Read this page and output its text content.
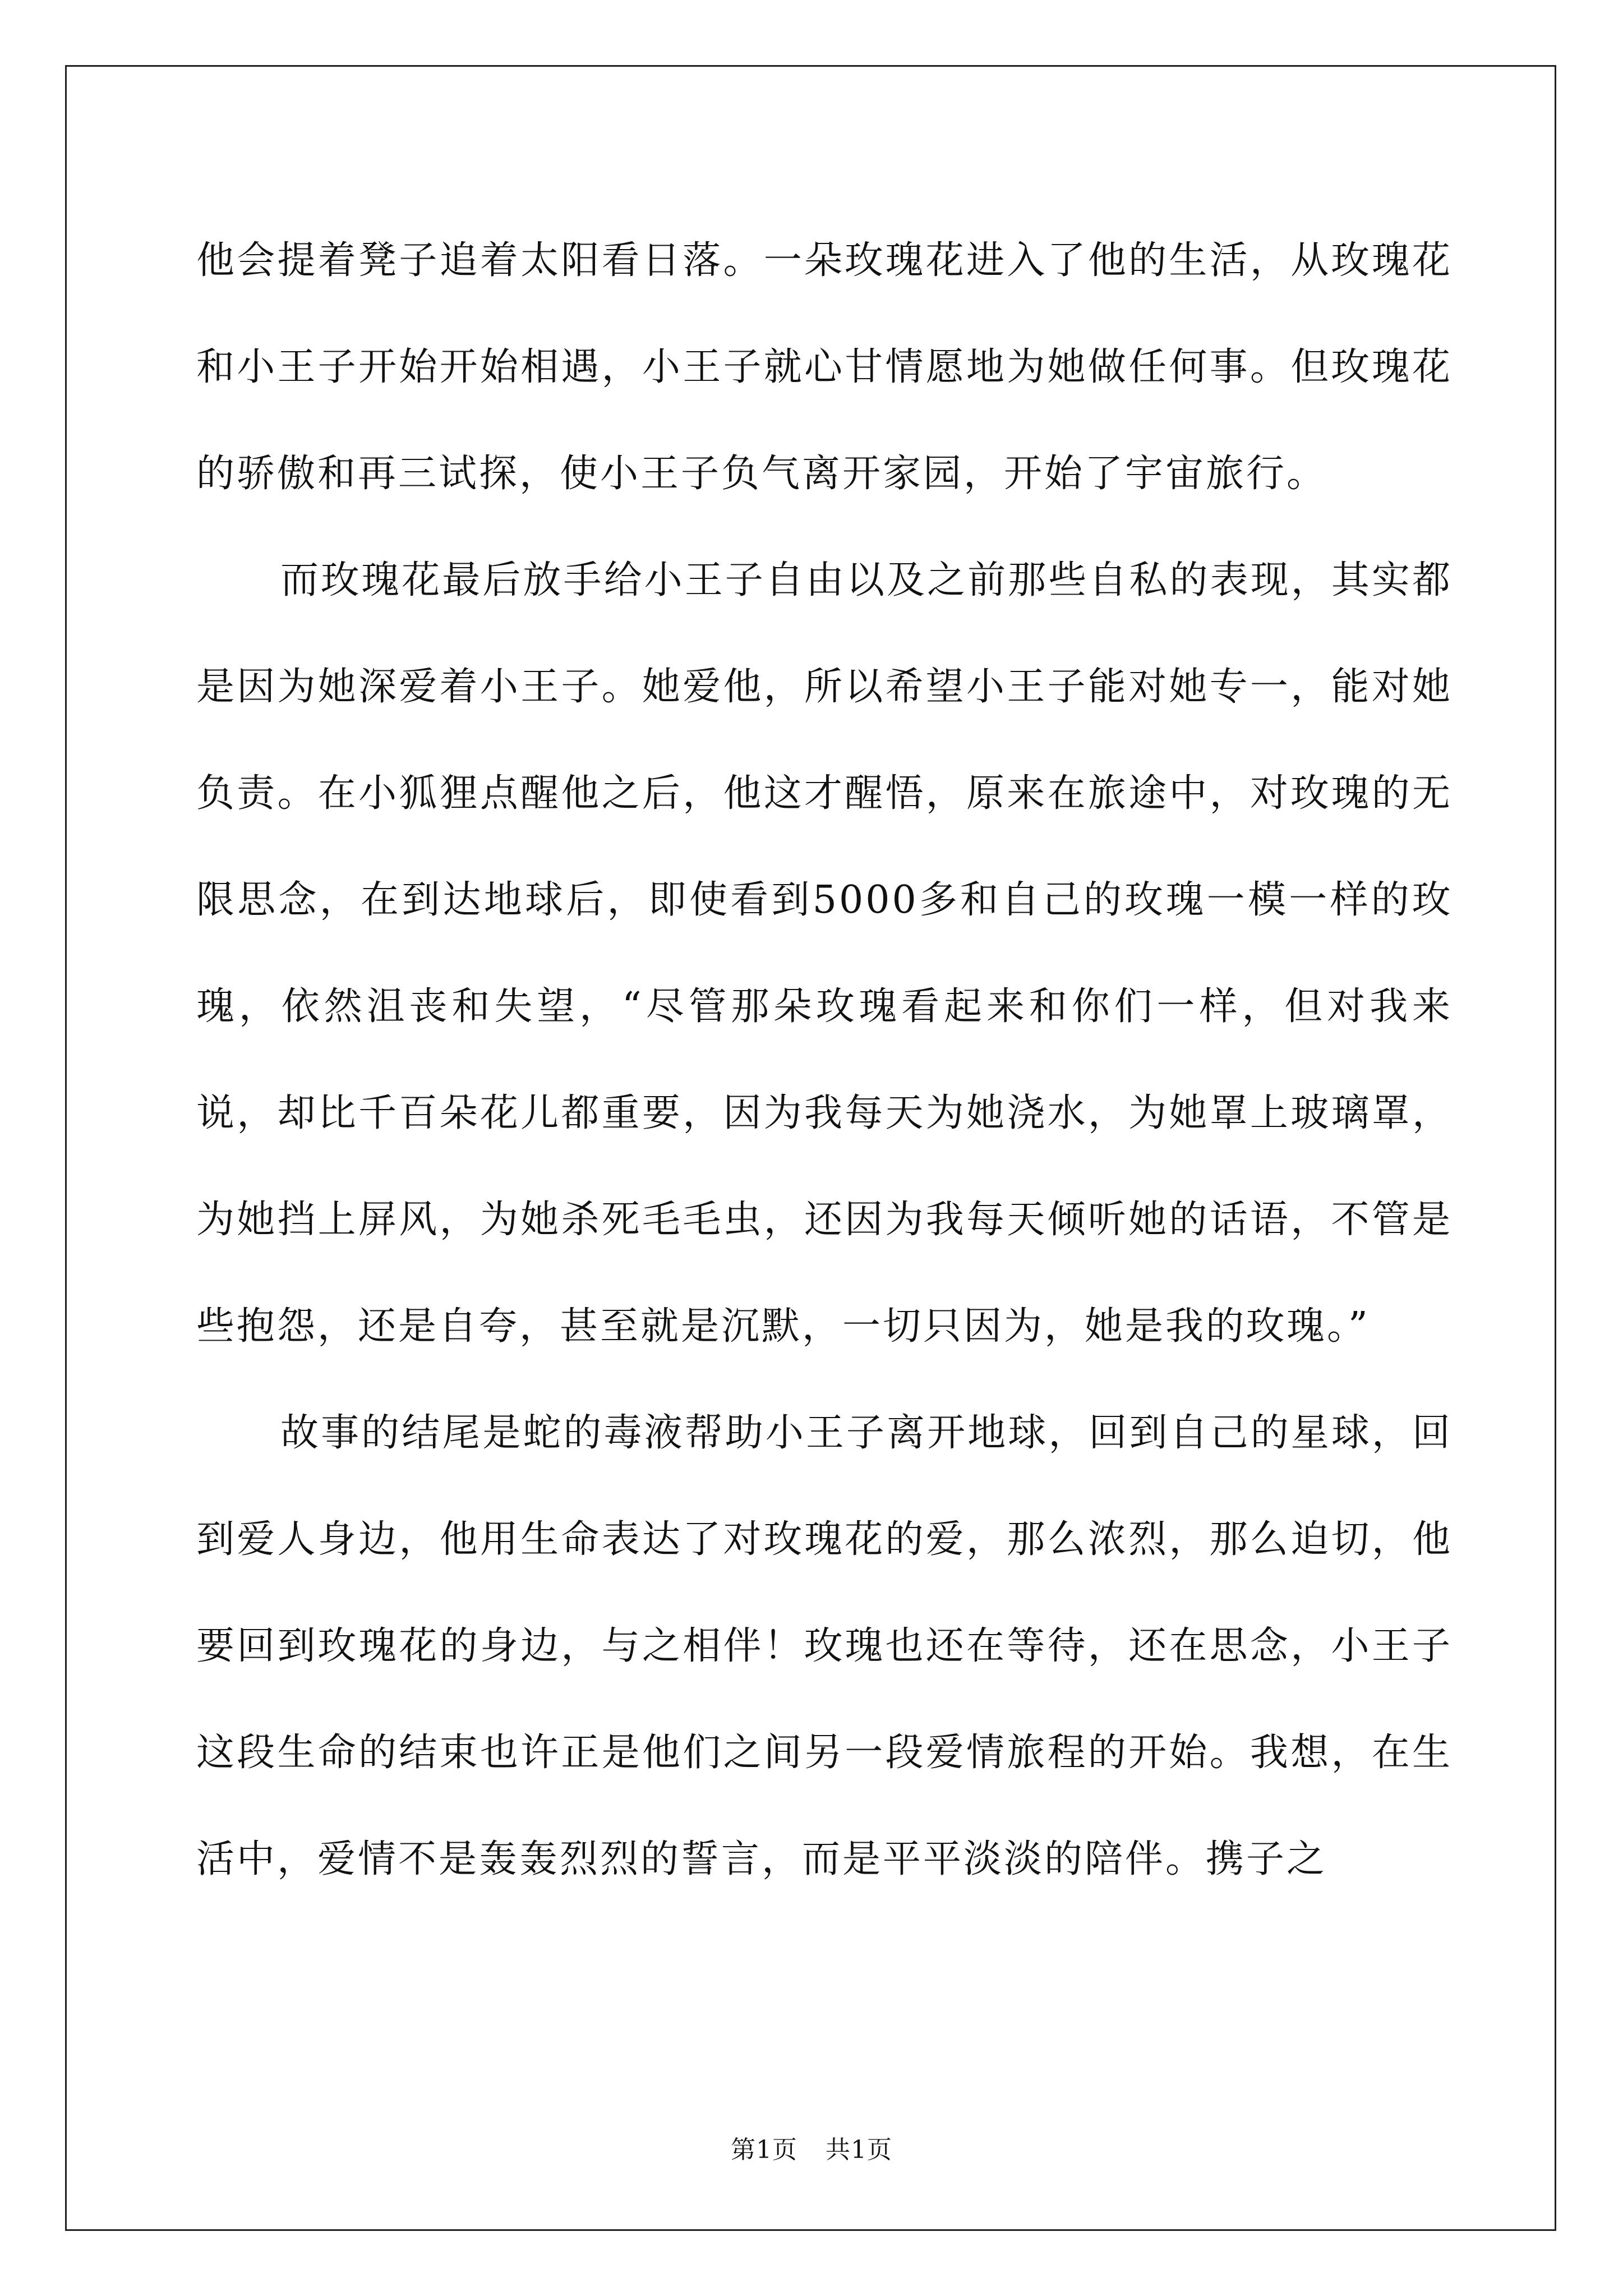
他会提着凳子追着太阳看日落。一朵玫瑰花进入了他的生活，从玫瑰花和小王子开始开始相遇，小王子就心甘情愿地为她做任何事。但玫瑰花的骄傲和再三试探，使小王子负气离开家园，开始了宇宙旅行。

而玫瑰花最后放手给小王子自由以及之前那些自私的表现，其实都是因为她深爱着小王子。她爱他，所以希望小王子能对她专一，能对她负责。在小狐狸点醒他之后，他这才醒悟，原来在旅途中，对玫瑰的无限思念，在到达地球后，即使看到5000多和自己的玫瑰一模一样的玫瑰，依然沮丧和失望，“尽管那朵玫瑰看起来和你们一样，但对我来说，却比千百朵花儿都重要，因为我每天为她浇水，为她罩上玻璃罩，为她挡上屏风，为她杀死毛毛虫，还因为我每天倾听她的话语，不管是些抱怨，还是自夸，甚至就是沉默，一切只因为，她是我的玫瑰。”

故事的结尾是蛇的毒液帮助小王子离开地球，回到自己的星球，回到爱人身边，他用生命表达了对玫瑰花的爱，那么浓烈，那么迫切，他要回到玫瑰花的身边，与之相伴！玫瑰也还在等待，还在思念，小王子这段生命的结束也许正是他们之间另一段爱情旅程的开始。我想，在生活中，爱情不是轰轰烈烈的誓言，而是平平淡淡的陪伴。携子之

第1页 共1页
